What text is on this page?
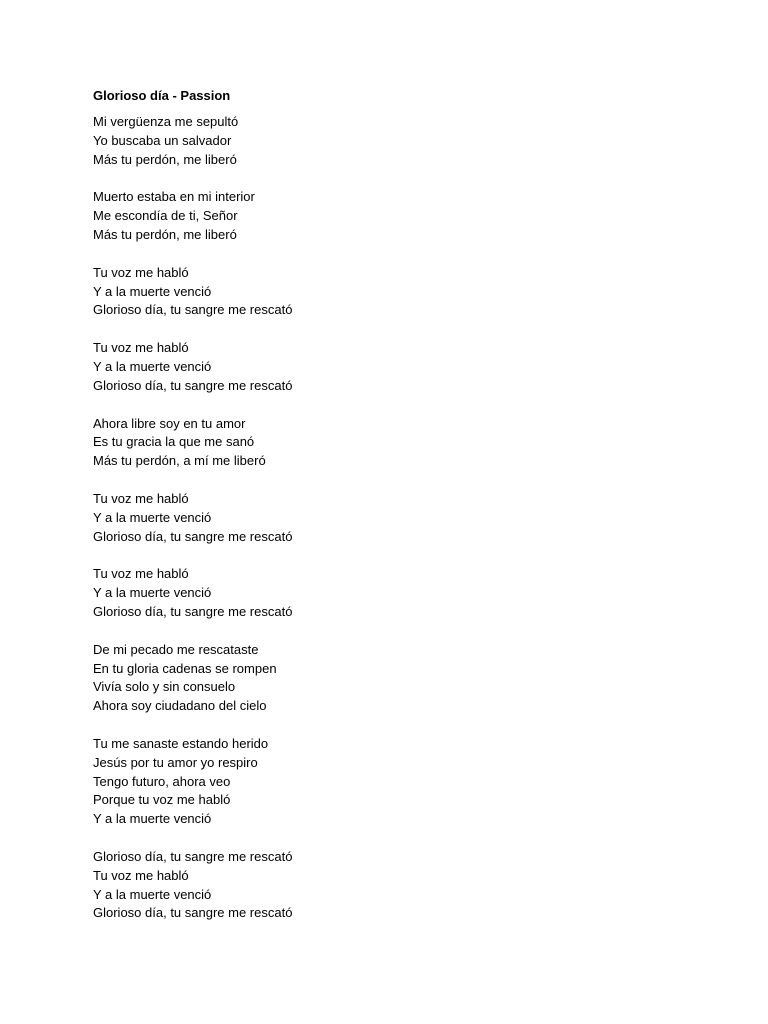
Glorioso día - Passion
Mi vergüenza me sepultó
Yo buscaba un salvador
Más tu perdón, me liberó
Muerto estaba en mi interior
Me escondía de ti, Señor
Más tu perdón, me liberó
Tu voz me habló
Y a la muerte venció
Glorioso día, tu sangre me rescató
Tu voz me habló
Y a la muerte venció
Glorioso día, tu sangre me rescató
Ahora libre soy en tu amor
Es tu gracia la que me sanó
Más tu perdón, a mí me liberó
Tu voz me habló
Y a la muerte venció
Glorioso día, tu sangre me rescató
Tu voz me habló
Y a la muerte venció
Glorioso día, tu sangre me rescató
De mi pecado me rescataste
En tu gloria cadenas se rompen
Vivía solo y sin consuelo
Ahora soy ciudadano del cielo
Tu me sanaste estando herido
Jesús por tu amor yo respiro
Tengo futuro, ahora veo
Porque tu voz me habló
Y a la muerte venció
Glorioso día, tu sangre me rescató
Tu voz me habló
Y a la muerte venció
Glorioso día, tu sangre me rescató
